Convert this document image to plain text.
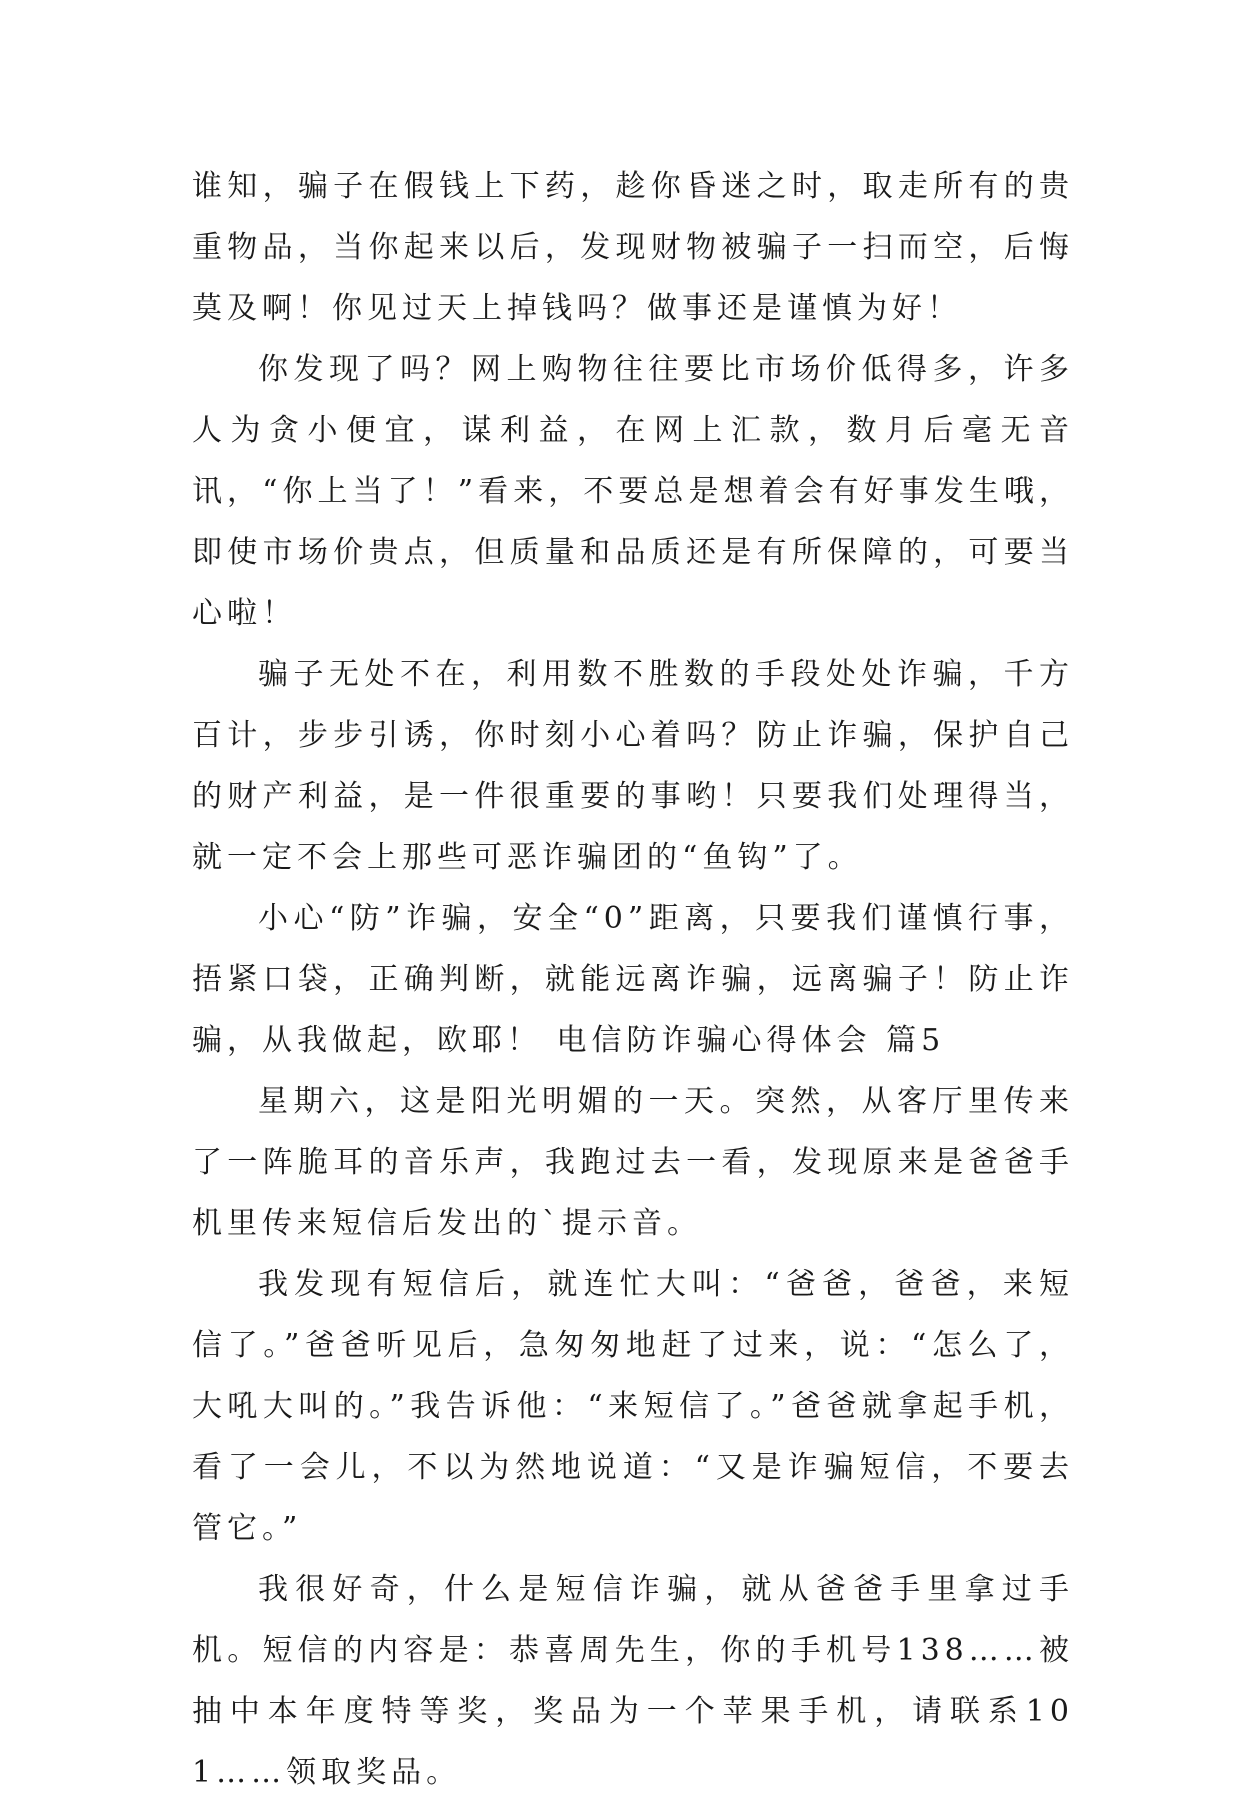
谁知，骗子在假钱上下药，趁你昏迷之时，取走所有的贵重物品，当你起来以后，发现财物被骗子一扫而空，后悔莫及啊！你见过天上掉钱吗？做事还是谨慎为好！

你发现了吗？网上购物往往要比市场价低得多，许多人为贪小便宜，谋利益，在网上汇款，数月后毫无音讯，“你上当了！”看来，不要总是想着会有好事发生哦，即使市场价贵点，但质量和品质还是有所保障的，可要当心啦！

骗子无处不在，利用数不胜数的手段处处诈骗，千方百计，步步引诱，你时刻小心着吗？防止诈骗，保护自己的财产利益，是一件很重要的事哟！只要我们处理得当，就一定不会上那些可恶诈骗团的“鱼钩”了。

小心“防”诈骗，安全“0”距离，只要我们谨慎行事，捂紧口袋，正确判断，就能远离诈骗，远离骗子！防止诈骗，从我做起，欧耶！ 电信防诈骗心得体会 篇5

星期六，这是阳光明媚的一天。突然，从客厅里传来了一阵脆耳的音乐声，我跑过去一看，发现原来是爸爸手机里传来短信后发出的`提示音。

我发现有短信后，就连忙大叫：“爸爸，爸爸，来短信了。”爸爸听见后，急匆匆地赶了过来，说：“怎么了，大吼大叫的。”我告诉他：“来短信了。”爸爸就拿起手机，看了一会儿，不以为然地说道：“又是诈骗短信，不要去管它。”

我很好奇，什么是短信诈骗，就从爸爸手里拿过手机。短信的内容是：恭喜周先生，你的手机号138……被抽中本年度特等奖，奖品为一个苹果手机，请联系101……领取奖品。
